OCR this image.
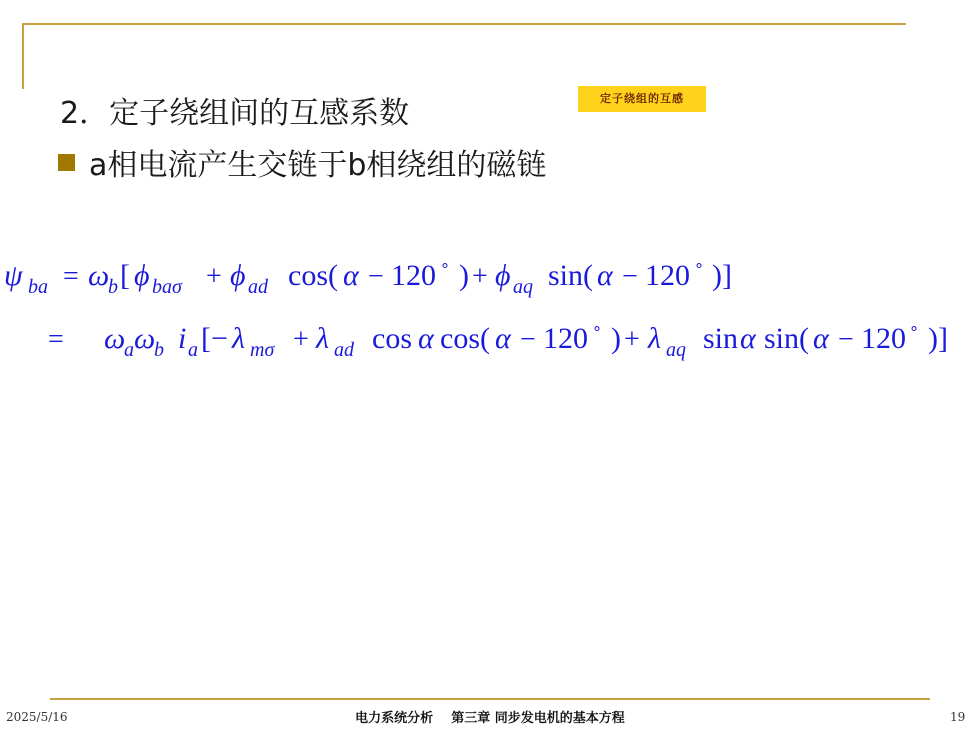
2．定子绕组间的互感系数	定子绕组的互感
a相电流产生交链于b相绕组的磁链
ψ ba = ω
b [ ϕ baσ + ϕ ad cos( α − 120 ∘ ) + ϕ aq sin( α − 120 ∘ )]
= ω
a ω
b i a [− λ mσ + λ ad cos α cos( α − 120 ∘ ) + λ aq sin α sin( α − 120 ∘ )]
2025/5/16	电力系统分析    第三章 同步发电机的基本方程	19
